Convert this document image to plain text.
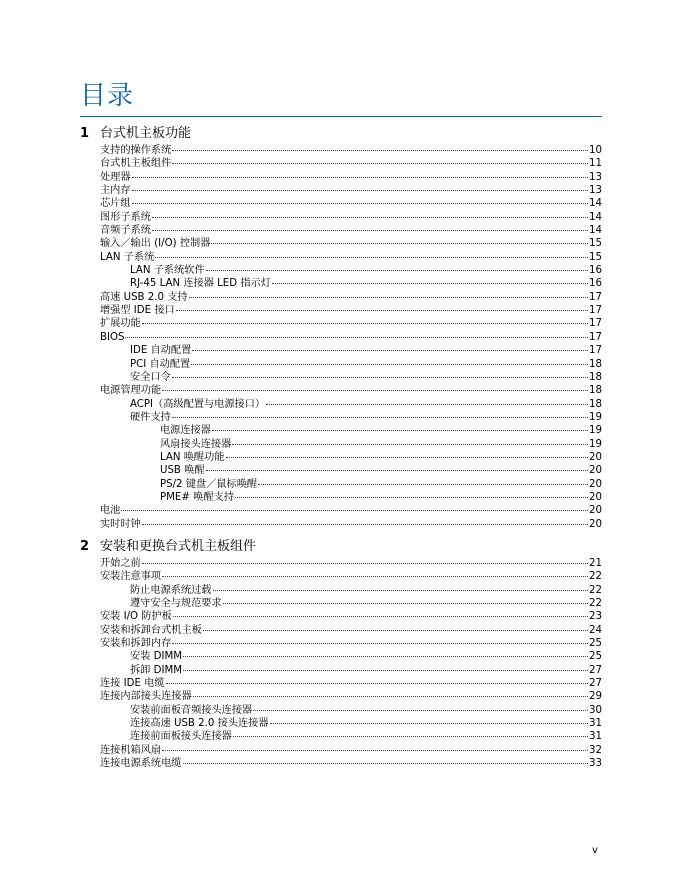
目录
1 台式机主板功能
支持的操作系统	10
台式机主板组件	11
处理器	13
主内存	13
芯片组	14
图形子系统	14
音频子系统	14
输入／输出 (I/O) 控制器	15
LAN 子系统	15
LAN 子系统软件	16
RJ-45 LAN 连接器 LED 指示灯	16
高速 USB 2.0 支持	17
增强型 IDE 接口	17
扩展功能	17
BIOS	17
IDE 自动配置	17
PCI 自动配置	18
安全口令	18
电源管理功能	18
ACPI（高级配置与电源接口）	18
硬件支持	19
电源连接器	19
风扇接头连接器	19
LAN 唤醒功能	20
USB 唤醒	20
PS/2 键盘／鼠标唤醒	20
PME# 唤醒支持	20
电池	20
实时时钟	20
2 安装和更换台式机主板组件
开始之前	21
安装注意事项	22
防止电源系统过载	22
遵守安全与规范要求	22
安装 I/O 防护板	23
安装和拆卸台式机主板	24
安装和拆卸内存	25
安装 DIMM	25
拆卸 DIMM	27
连接 IDE 电缆	27
连接内部接头连接器	29
安装前面板音频接头连接器	30
连接高速 USB 2.0 接头连接器	31
连接前面板接头连接器	31
连接机箱风扇	32
连接电源系统电缆	33
v
